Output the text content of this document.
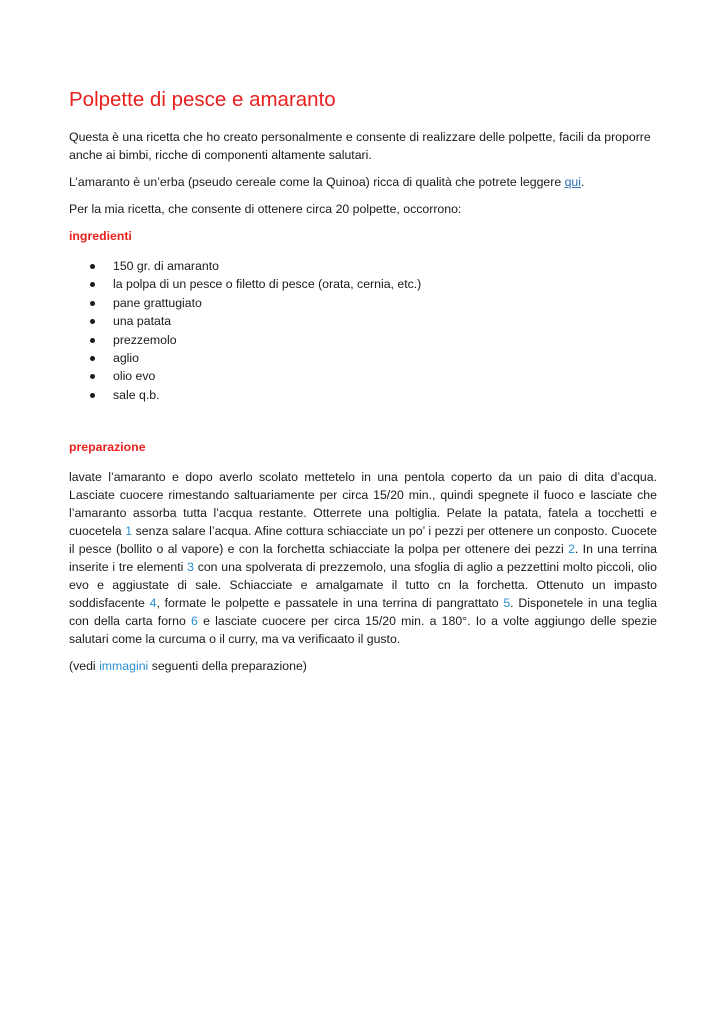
Polpette di pesce e amaranto

Questa è una ricetta che ho creato personalmente e consente di realizzare delle polpette, facili da proporre anche ai bimbi, ricche di componenti altamente salutari.

L’amaranto è un’erba (pseudo cereale come la Quinoa) ricca di qualità che potrete leggere qui.

Per la mia ricetta, che consente di ottenere circa 20 polpette, occorrono:

ingredienti
150 gr. di amaranto
la polpa di un pesce o filetto di pesce (orata, cernia, etc.)
pane grattugiato
una patata
prezzemolo
aglio
olio evo
sale q.b.
preparazione

lavate l’amaranto e dopo averlo scolato mettetelo in una pentola coperto da un paio di dita d’acqua. Lasciate cuocere rimestando saltuariamente per circa 15/20 min., quindi spegnete il fuoco e lasciate che l’amaranto assorba tutta l’acqua restante. Otterrete una poltiglia. Pelate la patata, fatela a tocchetti e cuocetela 1 senza salare l’acqua. Afine cottura schiacciate un po’ i pezzi per ottenere un conposto. Cuocete il pesce (bollito o al vapore) e con la forchetta schiacciate la polpa per ottenere dei pezzi 2. In una terrina inserite i tre elementi 3 con una spolverata di prezzemolo, una sfoglia di aglio a pezzettini molto piccoli, olio evo e aggiustate di sale. Schiacciate e amalgamate il tutto cn la forchetta. Ottenuto un impasto soddisfacente 4, formate le polpette e passatele in una terrina di pangrattato 5. Disponetele in una teglia con della carta forno 6 e lasciate cuocere per circa 15/20 min. a 180°. Io a volte aggiungo delle spezie salutari come la curcuma o il curry, ma va verificaato il gusto.

(vedi immagini seguenti della preparazione)
